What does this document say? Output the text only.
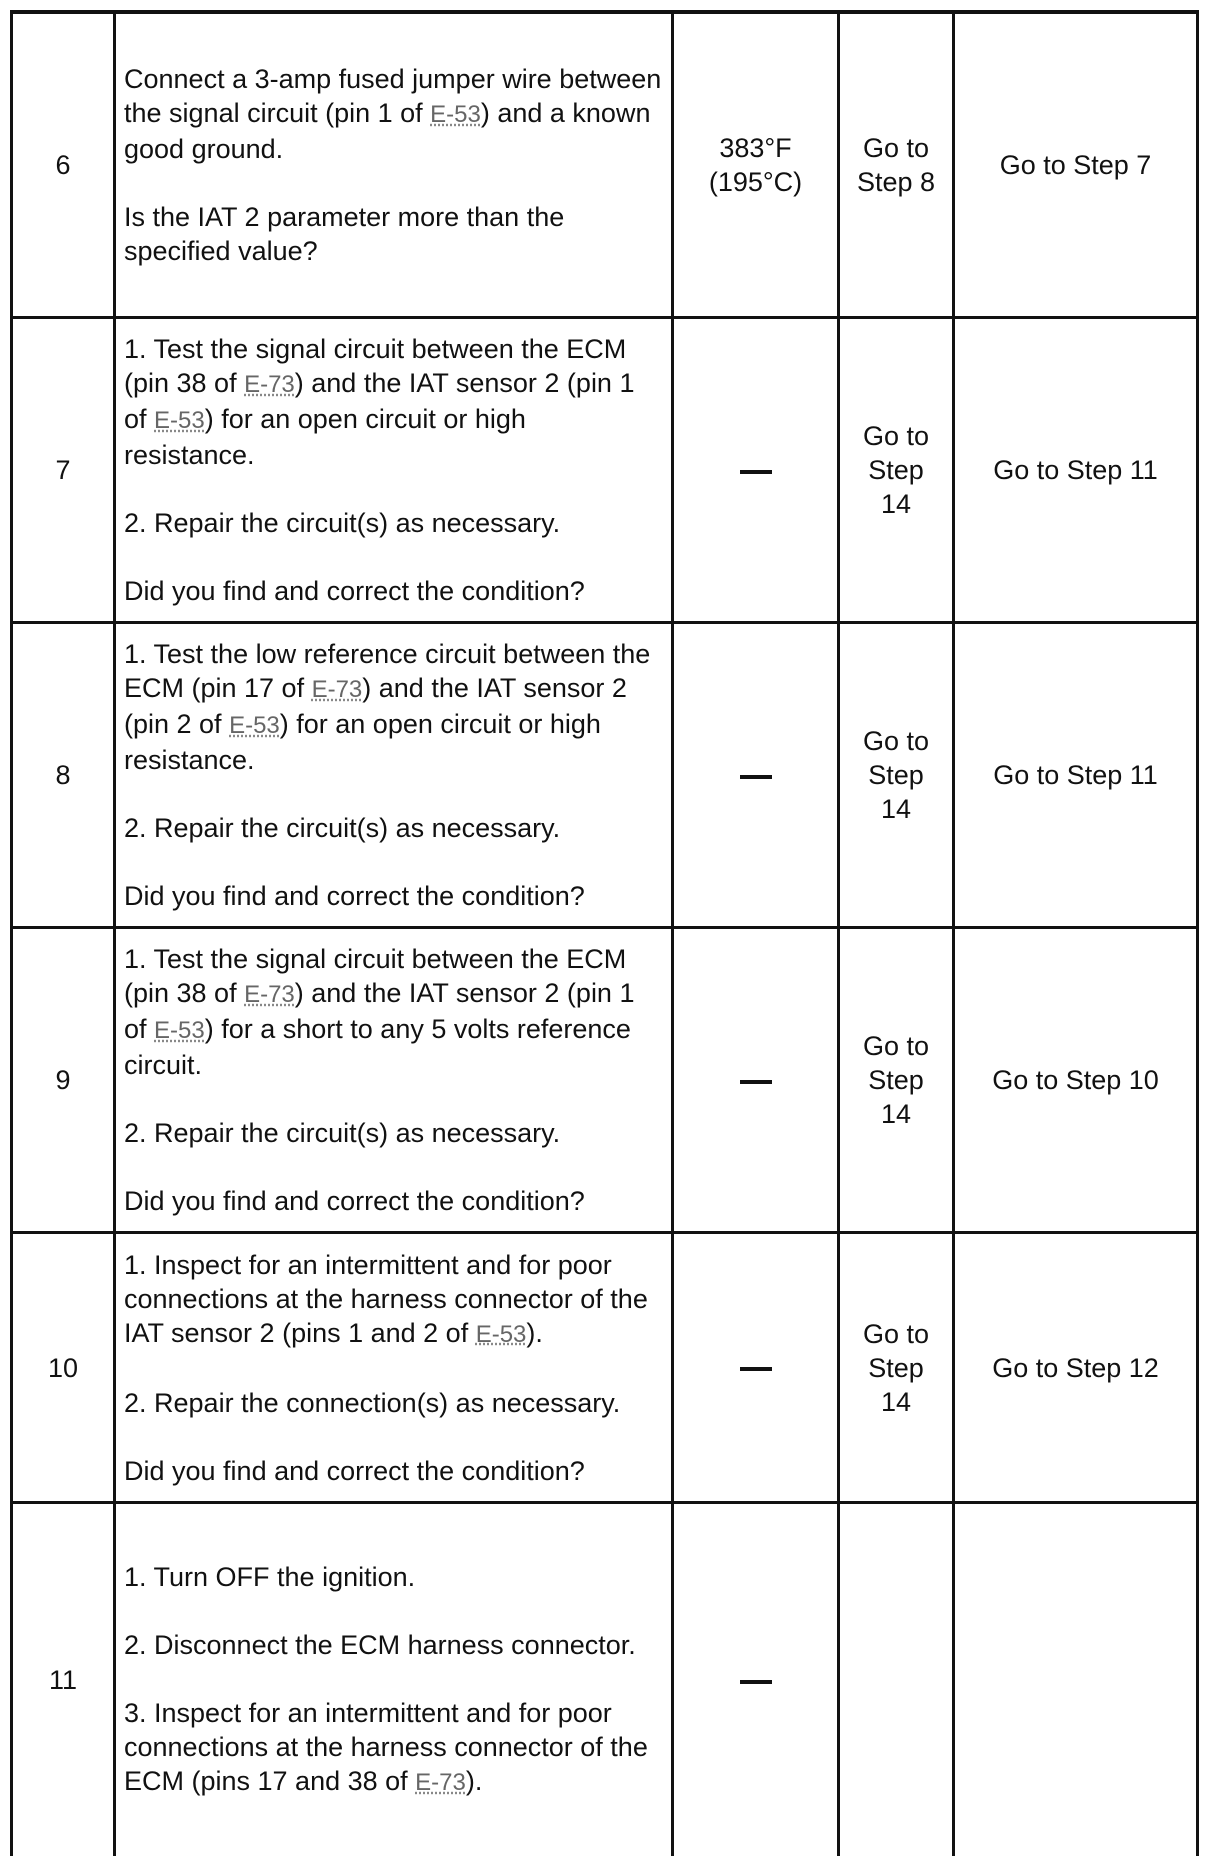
6	Connect a 3-amp fused jumper wire between the signal circuit (pin 1 of E-53) and a known good ground.
Is the IAT 2 parameter more than the specified value?	383°F (195°C)	Go to Step 8	Go to Step 7
7	1. Test the signal circuit between the ECM (pin 38 of E-73) and the IAT sensor 2 (pin 1 of E-53) for an open circuit or high resistance.
2. Repair the circuit(s) as necessary.
Did you find and correct the condition?		Go to Step 14	Go to Step 11
8	1. Test the low reference circuit between the ECM (pin 17 of E-73) and the IAT sensor 2 (pin 2 of E-53) for an open circuit or high resistance.
2. Repair the circuit(s) as necessary.
Did you find and correct the condition?		Go to Step 14	Go to Step 11
9	1. Test the signal circuit between the ECM (pin 38 of E-73) and the IAT sensor 2 (pin 1 of E-53) for a short to any 5 volts reference circuit.
2. Repair the circuit(s) as necessary.
Did you find and correct the condition?		Go to Step 14	Go to Step 10
10	1. Inspect for an intermittent and for poor connections at the harness connector of the IAT sensor 2 (pins 1 and 2 of E-53).
2. Repair the connection(s) as necessary.
Did you find and correct the condition?		Go to Step 14	Go to Step 12
11	1. Turn OFF the ignition.
2. Disconnect the ECM harness connector.
3. Inspect for an intermittent and for poor connections at the harness connector of the ECM (pins 17 and 38 of E-73).			
